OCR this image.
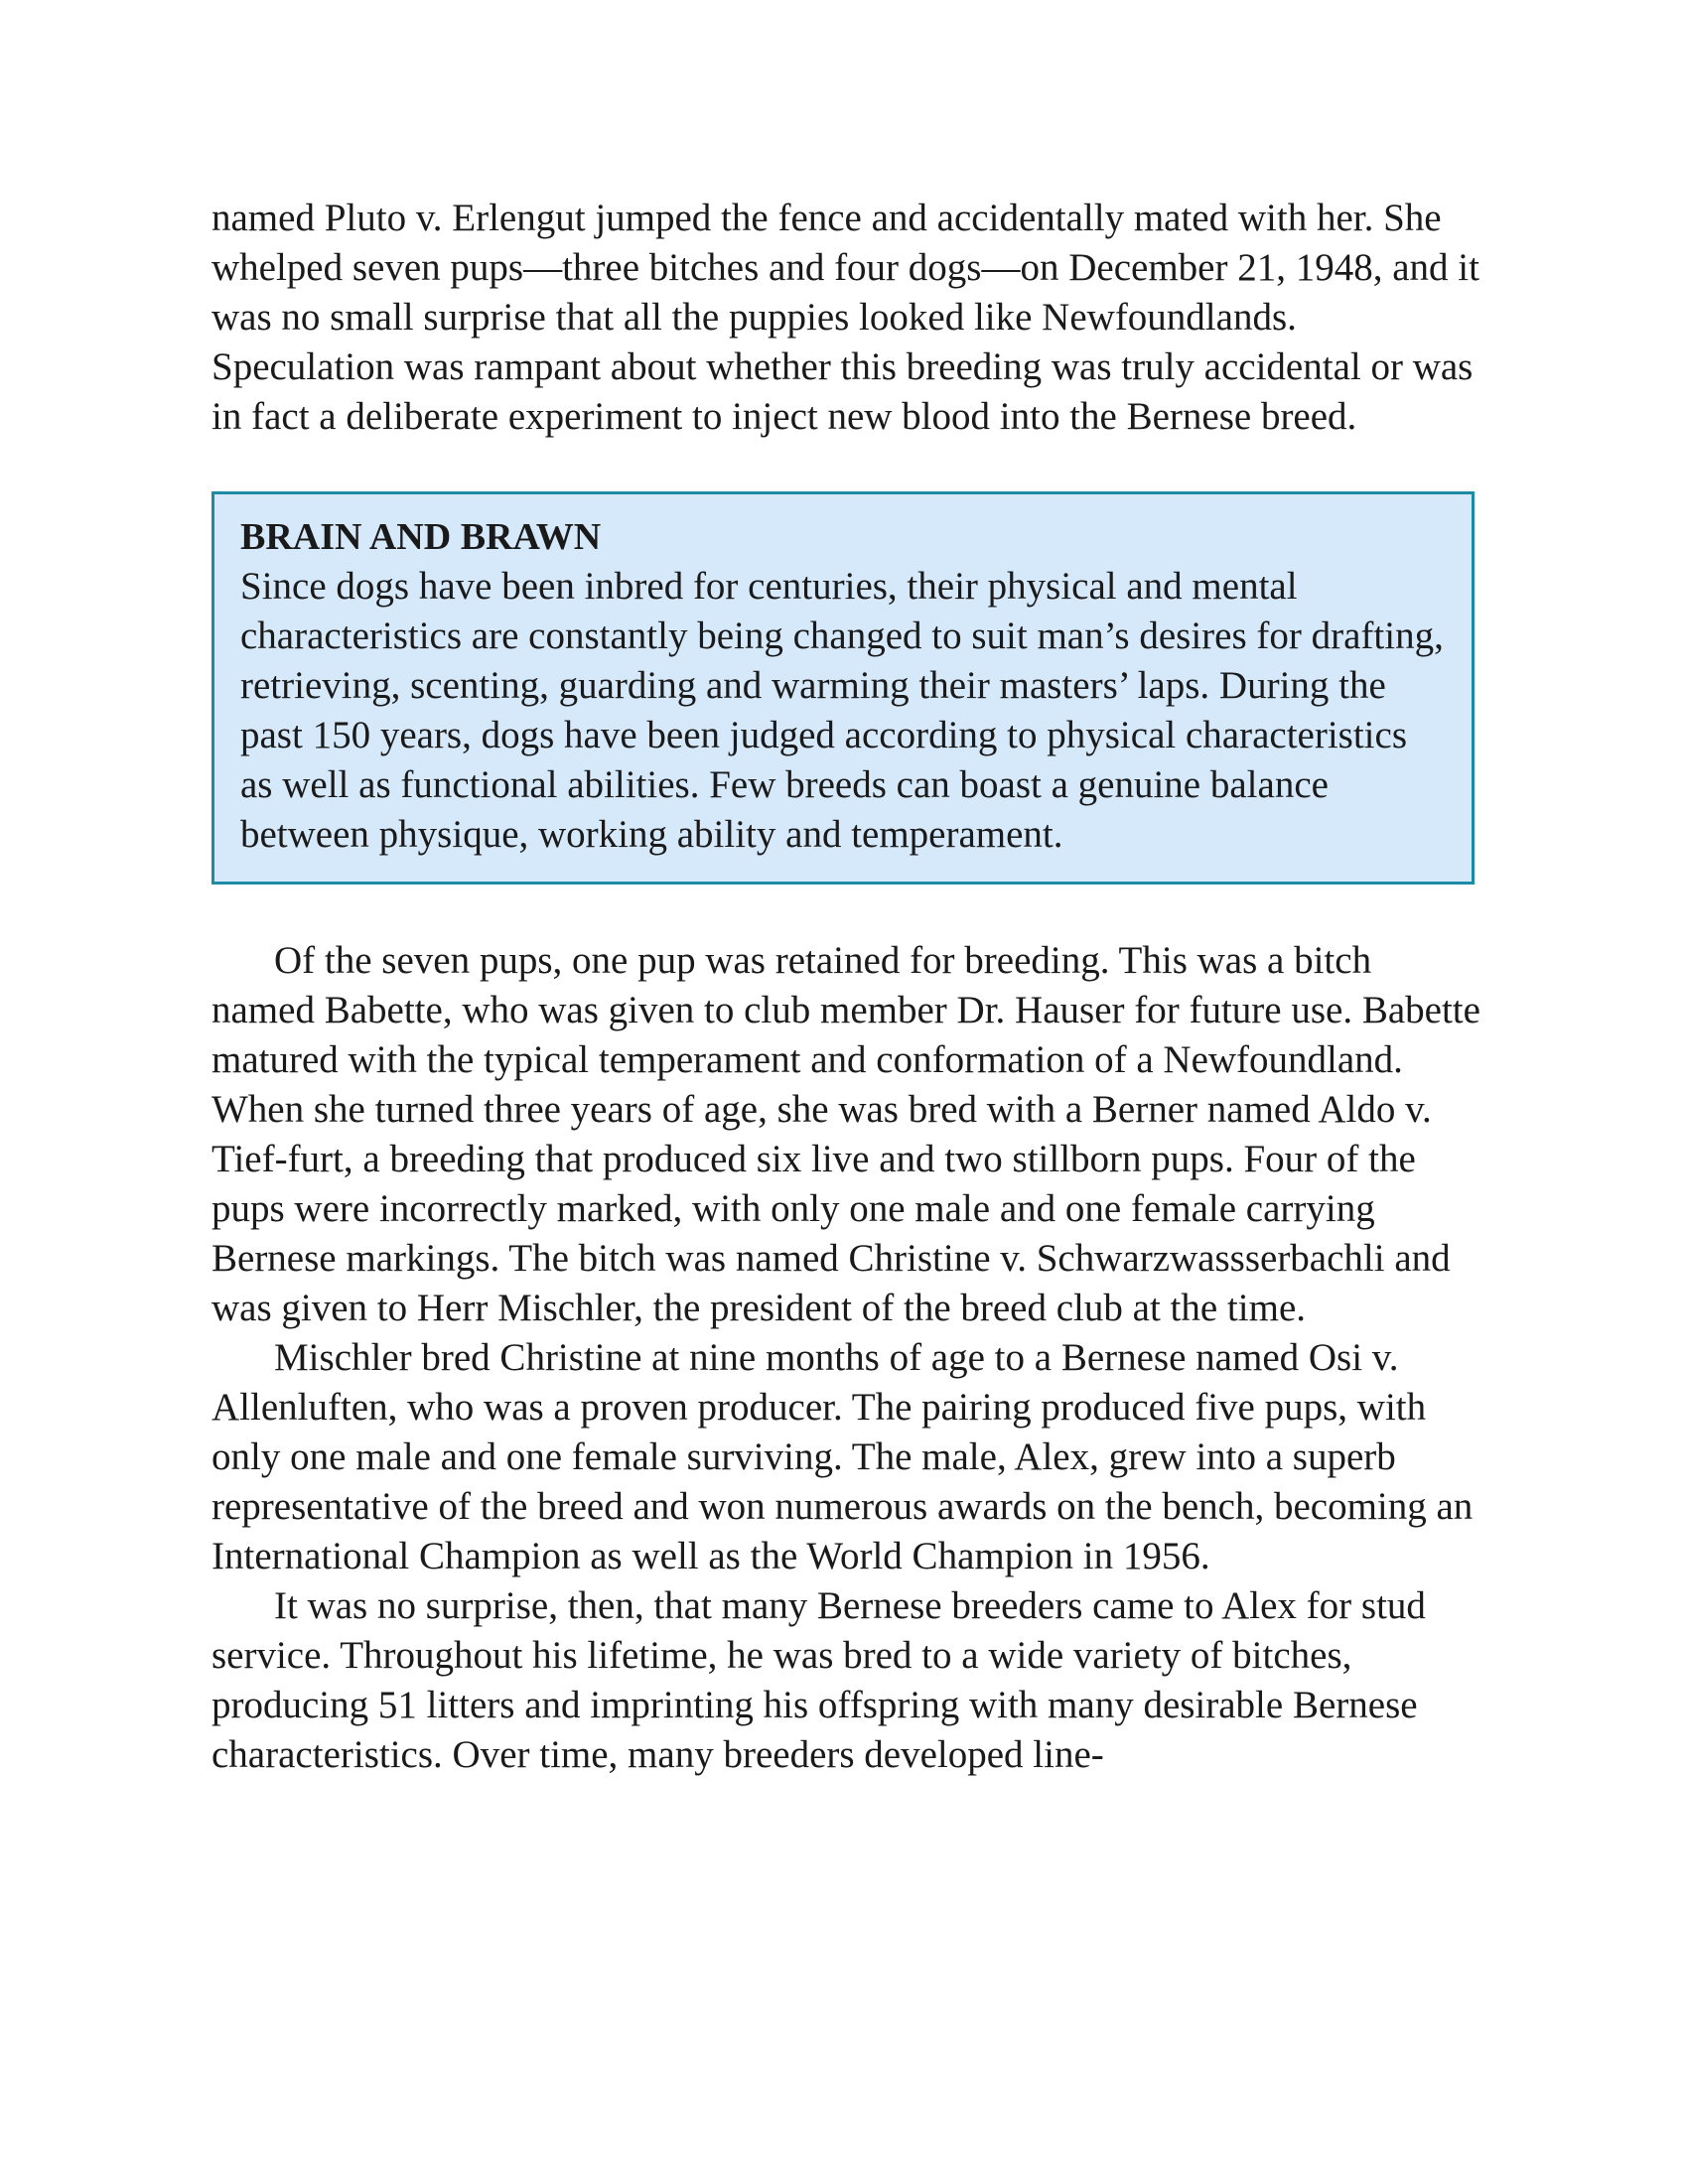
named Pluto v. Erlengut jumped the fence and accidentally mated with her. She whelped seven pups—three bitches and four dogs—on December 21, 1948, and it was no small surprise that all the puppies looked like Newfoundlands. Speculation was rampant about whether this breeding was truly accidental or was in fact a deliberate experiment to inject new blood into the Bernese breed.

BRAIN AND BRAWN

Since dogs have been inbred for centuries, their physical and mental characteristics are constantly being changed to suit man’s desires for drafting, retrieving, scenting, guarding and warming their masters’ laps. During the past 150 years, dogs have been judged according to physical characteristics as well as functional abilities. Few breeds can boast a genuine balance between physique, working ability and temperament.

Of the seven pups, one pup was retained for breeding. This was a bitch named Babette, who was given to club member Dr. Hauser for future use. Babette matured with the typical temperament and conformation of a Newfoundland. When she turned three years of age, she was bred with a Berner named Aldo v. Tief-furt, a breeding that produced six live and two stillborn pups. Four of the pups were incorrectly marked, with only one male and one female carrying Bernese markings. The bitch was named Christine v. Schwarzwassserbachli and was given to Herr Mischler, the president of the breed club at the time.

Mischler bred Christine at nine months of age to a Bernese named Osi v. Allenluften, who was a proven producer. The pairing produced five pups, with only one male and one female surviving. The male, Alex, grew into a superb representative of the breed and won numerous awards on the bench, becoming an International Champion as well as the World Champion in 1956.

It was no surprise, then, that many Bernese breeders came to Alex for stud service. Throughout his lifetime, he was bred to a wide variety of bitches, producing 51 litters and imprinting his offspring with many desirable Bernese characteristics. Over time, many breeders developed line-
